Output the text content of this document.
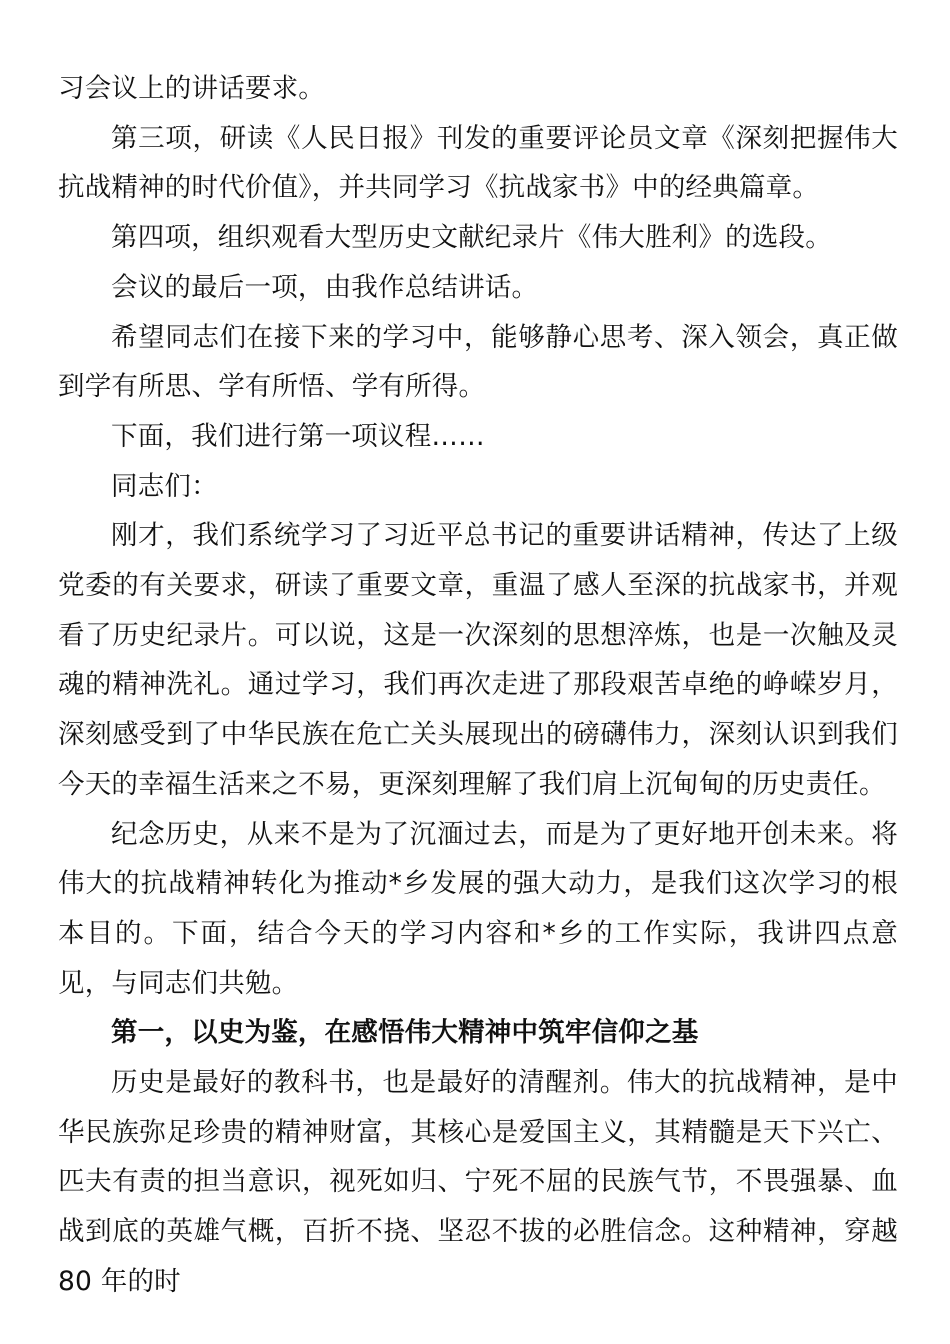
习会议上的讲话要求。

第三项，研读《人民日报》刊发的重要评论员文章《深刻把握伟大抗战精神的时代价值》，并共同学习《抗战家书》中的经典篇章。

第四项，组织观看大型历史文献纪录片《伟大胜利》的选段。

会议的最后一项，由我作总结讲话。

希望同志们在接下来的学习中，能够静心思考、深入领会，真正做到学有所思、学有所悟、学有所得。

下面，我们进行第一项议程……

同志们：

刚才，我们系统学习了习近平总书记的重要讲话精神，传达了上级党委的有关要求，研读了重要文章，重温了感人至深的抗战家书，并观看了历史纪录片。可以说，这是一次深刻的思想淬炼，也是一次触及灵魂的精神洗礼。通过学习，我们再次走进了那段艰苦卓绝的峥嵘岁月，深刻感受到了中华民族在危亡关头展现出的磅礴伟力，深刻认识到我们今天的幸福生活来之不易，更深刻理解了我们肩上沉甸甸的历史责任。

纪念历史，从来不是为了沉湎过去，而是为了更好地开创未来。将伟大的抗战精神转化为推动*乡发展的强大动力，是我们这次学习的根本目的。下面，结合今天的学习内容和*乡的工作实际，我讲四点意见，与同志们共勉。

第一，以史为鉴，在感悟伟大精神中筑牢信仰之基

历史是最好的教科书，也是最好的清醒剂。伟大的抗战精神，是中华民族弥足珍贵的精神财富，其核心是爱国主义，其精髓是天下兴亡、匹夫有责的担当意识，视死如归、宁死不屈的民族气节，不畏强暴、血战到底的英雄气概，百折不挠、坚忍不拔的必胜信念。这种精神，穿越 80 年的时
